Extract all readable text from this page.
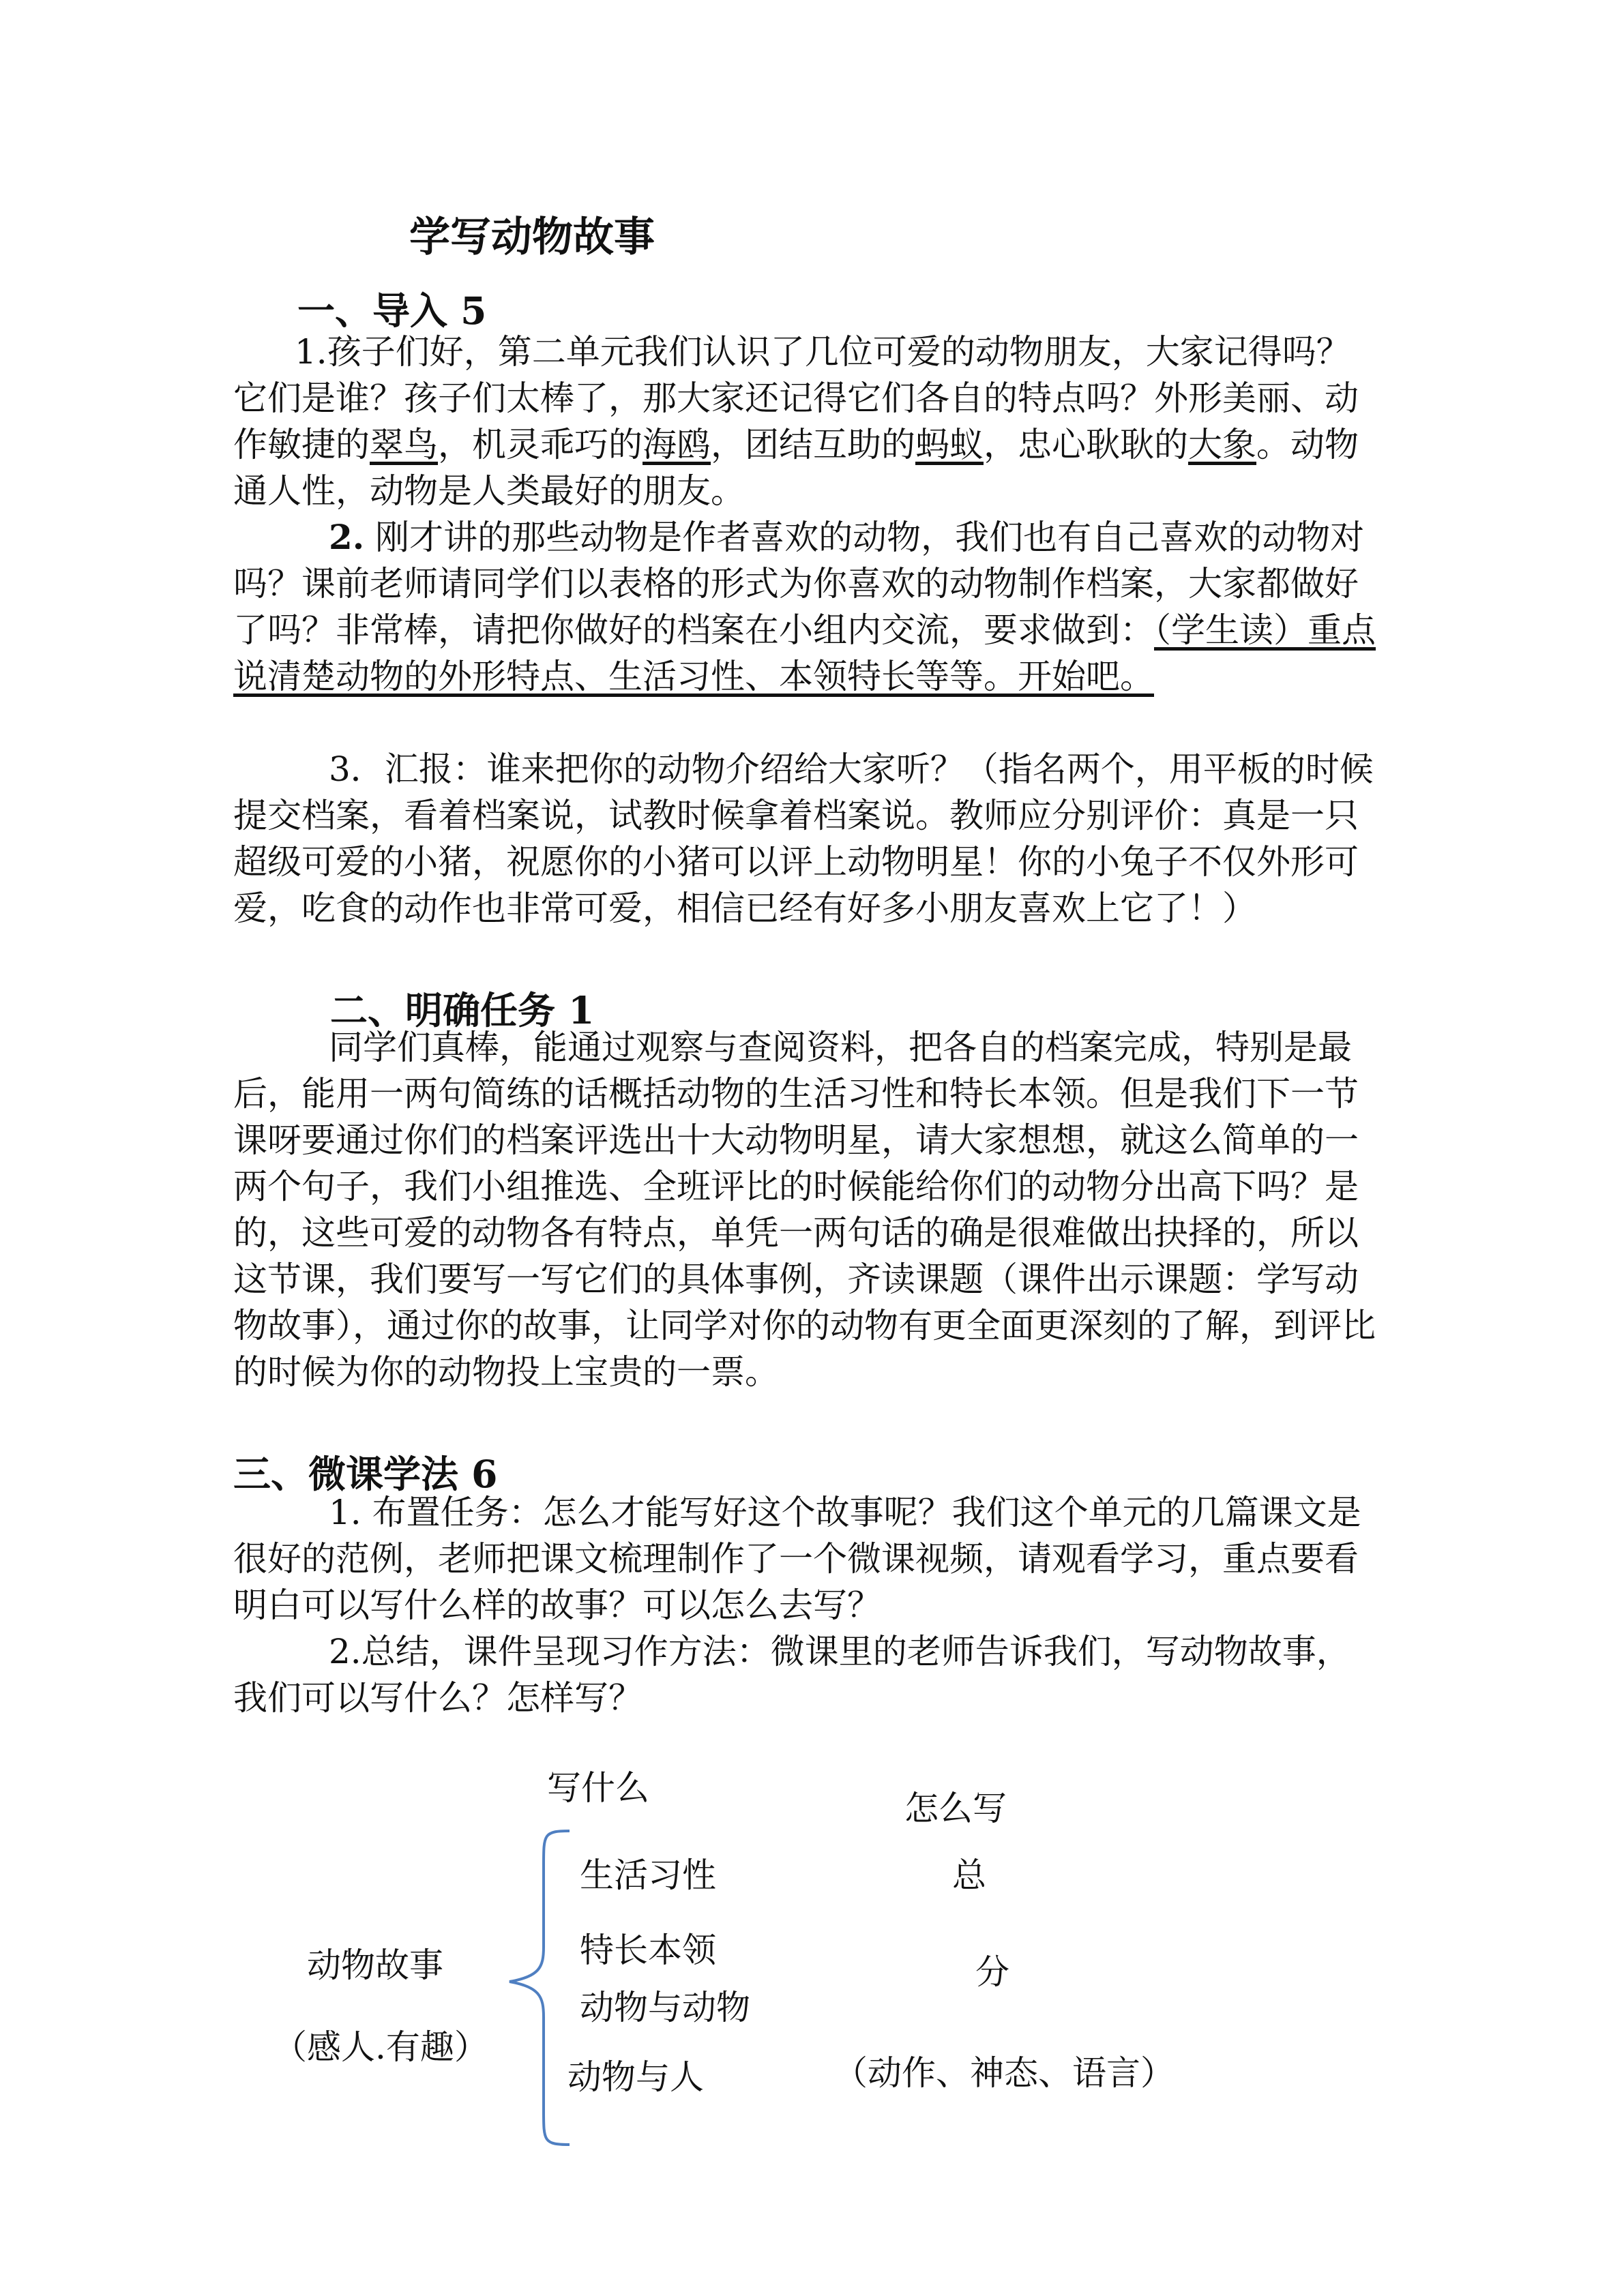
学写动物故事
一、导入 5

1.孩子们好，第二单元我们认识了几位可爱的动物朋友，大家记得吗？它们是谁？孩子们太棒了，那大家还记得它们各自的特点吗？外形美丽、动作敏捷的翠鸟，机灵乖巧的海鸥，团结互助的蚂蚁，忠心耿耿的大象。动物通人性，动物是人类最好的朋友。

2. 刚才讲的那些动物是作者喜欢的动物，我们也有自己喜欢的动物对吗？课前老师请同学们以表格的形式为你喜欢的动物制作档案，大家都做好了吗？非常棒，请把你做好的档案在小组内交流，要求做到：（学生读）重点说清楚动物的外形特点、生活习性、本领特长等等。开始吧。

3．汇报：谁来把你的动物介绍给大家听？（指名两个，用平板的时候提交档案，看着档案说，试教时候拿着档案说。教师应分别评价：真是一只超级可爱的小猪，祝愿你的小猪可以评上动物明星！你的小兔子不仅外形可爱，吃食的动作也非常可爱，相信已经有好多小朋友喜欢上它了！）

二、明确任务 1

同学们真棒，能通过观察与查阅资料，把各自的档案完成，特别是最后，能用一两句简练的话概括动物的生活习性和特长本领。但是我们下一节课呀要通过你们的档案评选出十大动物明星，请大家想想，就这么简单的一两个句子，我们小组推选、全班评比的时候能给你们的动物分出高下吗？是的，这些可爱的动物各有特点，单凭一两句话的确是很难做出抉择的，所以这节课，我们要写一写它们的具体事例，齐读课题（课件出示课题：学写动物故事），通过你的故事，让同学对你的动物有更全面更深刻的了解，到评比的时候为你的动物投上宝贵的一票。

三、微课学法 6

1. 布置任务：怎么才能写好这个故事呢？我们这个单元的几篇课文是很好的范例，老师把课文梳理制作了一个微课视频，请观看学习，重点要看明白可以写什么样的故事？可以怎么去写？

2.总结，课件呈现习作方法：微课里的老师告诉我们，写动物故事，我们可以写什么？怎样写？

写什么
怎么写
动物故事
（感人.有趣）
生活习性
特长本领
动物与动物
动物与人
总
分
（动作、神态、语言）
